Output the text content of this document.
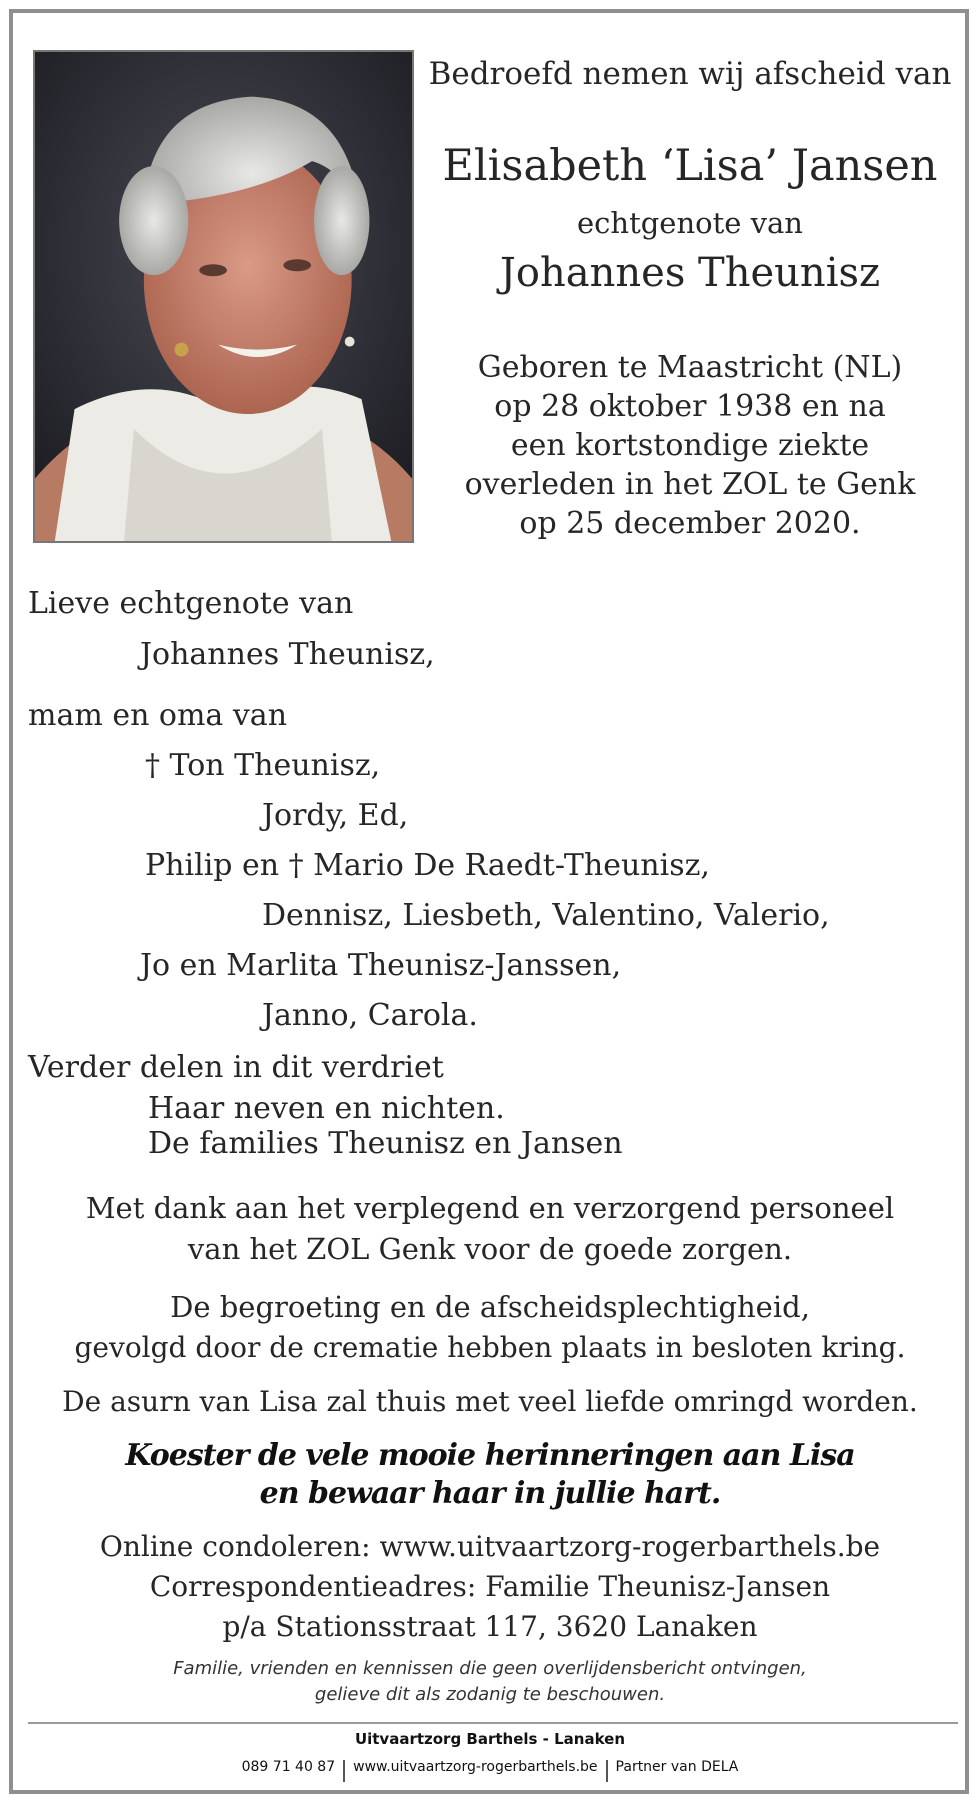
Bedroefd nemen wij afscheid van
Elisabeth ‘Lisa’ Jansen
echtgenote van
Johannes Theunisz
Geboren te Maastricht (NL)
op 28 oktober 1938 en na
een kortstondige ziekte
overleden in het ZOL te Genk
op 25 december 2020.
Lieve echtgenote van
Johannes Theunisz,
mam en oma van
† Ton Theunisz,
Jordy, Ed,
Philip en † Mario De Raedt-Theunisz,
Dennisz, Liesbeth, Valentino, Valerio,
Jo en Marlita Theunisz-Janssen,
Janno, Carola.
Verder delen in dit verdriet
Haar neven en nichten.
De families Theunisz en Jansen
Met dank aan het verplegend en verzorgend personeel
van het ZOL Genk voor de goede zorgen.
De begroeting en de afscheidsplechtigheid,
gevolgd door de crematie hebben plaats in besloten kring.
De asurn van Lisa zal thuis met veel liefde omringd worden.
Koester de vele mooie herinneringen aan Lisa
en bewaar haar in jullie hart.
Online condoleren: www.uitvaartzorg-rogerbarthels.be
Correspondentieadres: Familie Theunisz-Jansen
p/a Stationsstraat 117, 3620 Lanaken
Familie, vrienden en kennissen die geen overlijdensbericht ontvingen,
gelieve dit als zodanig te beschouwen.
Uitvaartzorg Barthels - Lanaken
089 71 40 87 www.uitvaartzorg-rogerbarthels.be Partner van DELA
